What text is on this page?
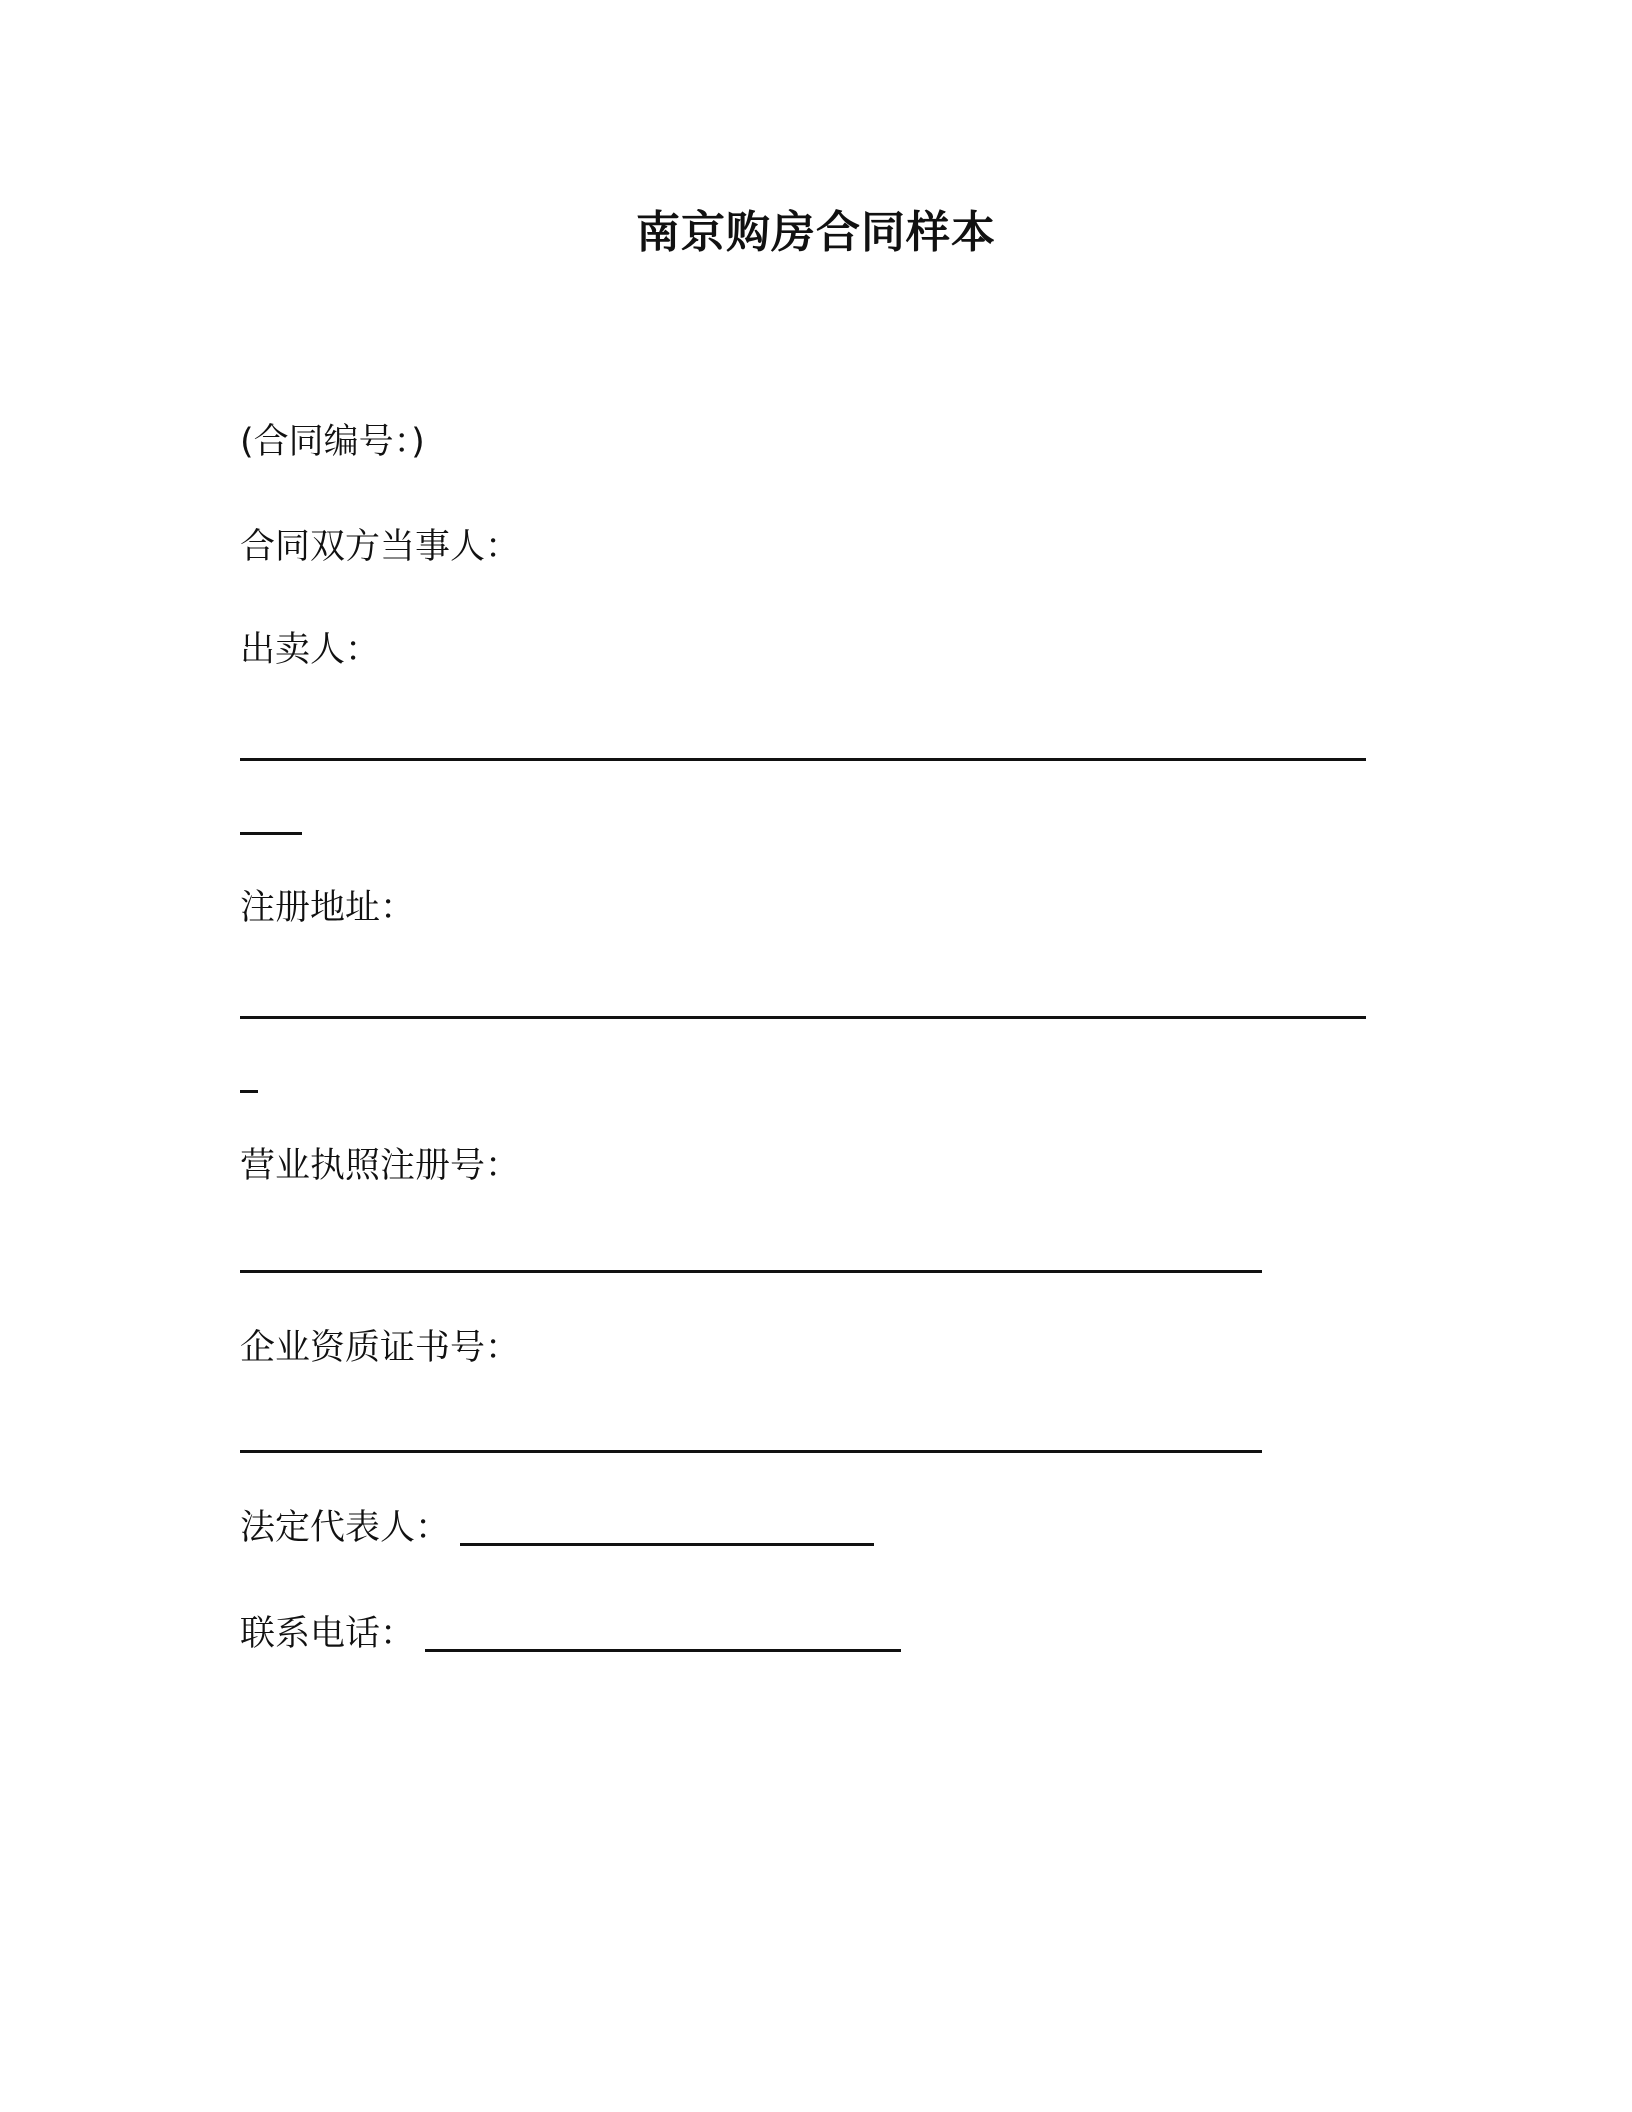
南京购房合同样本
(合同编号：)
合同双方当事人：
出卖人：
注册地址：
营业执照注册号：
企业资质证书号：
法定代表人：
联系电话：
